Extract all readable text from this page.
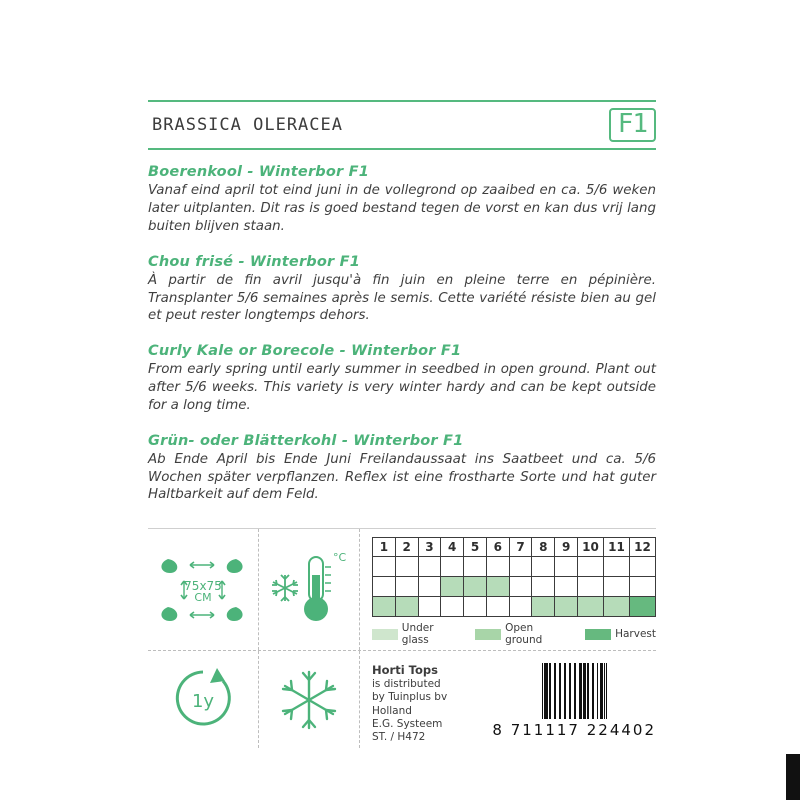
BRASSICA OLERACEA	F1
Boerenkool - Winterbor F1

Vanaf eind april tot eind juni in de vollegrond op zaaibed en ca. 5/6 weken later uitplanten. Dit ras is goed bestand tegen de vorst en kan dus vrij lang buiten blijven staan.

Chou frisé - Winterbor F1

À partir de fin avril jusqu'à fin juin en pleine terre en pépinière. Transplanter 5/6 semaines après le semis. Cette variété résiste bien au gel et peut rester longtemps dehors.

Curly Kale or Borecole - Winterbor F1

From early spring until early summer in seedbed in open ground. Plant out after 5/6 weeks. This variety is very winter hardy and can be kept outside for a long time.

Grün- oder Blätterkohl - Winterbor F1

Ab Ende April bis Ende Juni Freilandaussaat ins Saatbeet und ca. 5/6 Wochen später verpflanzen. Reflex ist eine frostharte Sorte und hat guter Haltbarkeit auf dem Feld.

75x75
CM
°C
1	2	3	4	5	6	7	8	9	10	11	12

Under glass
Open ground	Harvest
1y
Horti Tops
is distributed
by Tuinplus bv
Holland
E.G. Systeem
ST. / H472	8 711117 224402
